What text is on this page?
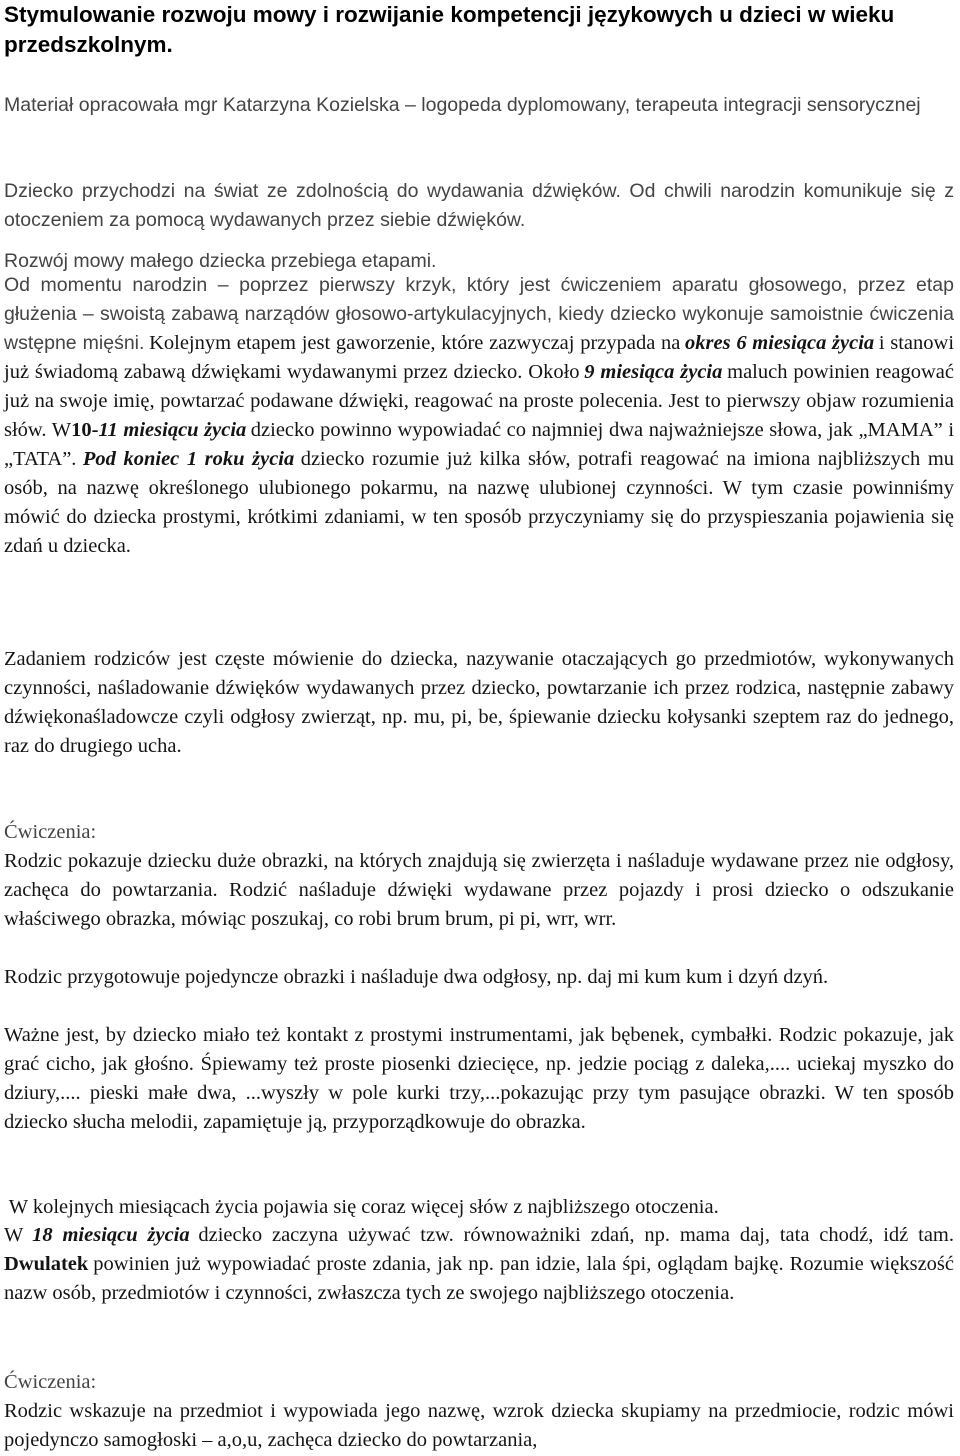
Stymulowanie rozwoju mowy i rozwijanie kompetencji językowych u dzieci w wieku przedszkolnym.

Materiał opracowała mgr Katarzyna Kozielska – logopeda dyplomowany, terapeuta integracji sensorycznej

Dziecko przychodzi na świat ze zdolnością do wydawania dźwięków. Od chwili narodzin komunikuje się z otoczeniem za pomocą wydawanych przez siebie dźwięków.

Rozwój mowy małego dziecka przebiega etapami.

Od momentu narodzin – poprzez pierwszy krzyk, który jest ćwiczeniem aparatu głosowego, przez etap głużenia – swoistą zabawą narządów głosowo-artykulacyjnych, kiedy dziecko wykonuje samoistnie ćwiczenia wstępne mięśni. Kolejnym etapem jest gaworzenie, które zazwyczaj przypada na okres 6 miesiąca życia i stanowi już świadomą zabawą dźwiękami wydawanymi przez dziecko. Około 9 miesiąca życia maluch powinien reagować już na swoje imię, powtarzać podawane dźwięki, reagować na proste polecenia. Jest to pierwszy objaw rozumienia słów. W10-11 miesiącu życia dziecko powinno wypowiadać co najmniej dwa najważniejsze słowa, jak „MAMA” i „TATA”. Pod koniec 1 roku życia dziecko rozumie już kilka słów, potrafi reagować na imiona najbliższych mu osób, na nazwę określonego ulubionego pokarmu, na nazwę ulubionej czynności. W tym czasie powinniśmy mówić do dziecka prostymi, krótkimi zdaniami, w ten sposób przyczyniamy się do przyspieszania pojawienia się zdań u dziecka.

Zadaniem rodziców jest częste mówienie do dziecka, nazywanie otaczających go przedmiotów, wykonywanych czynności, naśladowanie dźwięków wydawanych przez dziecko, powtarzanie ich przez rodzica, następnie zabawy dźwiękonaśladowcze czyli odgłosy zwierząt, np. mu, pi, be, śpiewanie dziecku kołysanki szeptem raz do jednego, raz do drugiego ucha.

Ćwiczenia:

Rodzic pokazuje dziecku duże obrazki, na których znajdują się zwierzęta i naśladuje wydawane przez nie odgłosy, zachęca do powtarzania. Rodzić naśladuje dźwięki wydawane przez pojazdy i prosi dziecko o odszukanie właściwego obrazka, mówiąc poszukaj, co robi brum brum, pi pi, wrr, wrr.

Rodzic przygotowuje pojedyncze obrazki i naśladuje dwa odgłosy, np. daj mi kum kum i dzyń dzyń.

Ważne jest, by dziecko miało też kontakt z prostymi instrumentami, jak bębenek, cymbałki. Rodzic pokazuje, jak grać cicho, jak głośno. Śpiewamy też proste piosenki dziecięce, np. jedzie pociąg z daleka,.... uciekaj myszko do dziury,.... pieski małe dwa, ...wyszły w pole kurki trzy,...pokazując przy tym pasujące obrazki. W ten sposób dziecko słucha melodii, zapamiętuje ją, przyporządkowuje do obrazka.

W kolejnych miesiącach życia pojawia się coraz więcej słów z najbliższego otoczenia.

W 18 miesiącu życia dziecko zaczyna używać tzw. równoważniki zdań, np. mama daj, tata chodź, idź tam. Dwulatek powinien już wypowiadać proste zdania, jak np. pan idzie, lala śpi, oglądam bajkę. Rozumie większość nazw osób, przedmiotów i czynności, zwłaszcza tych ze swojego najbliższego otoczenia.

Ćwiczenia:

Rodzic wskazuje na przedmiot i wypowiada jego nazwę, wzrok dziecka skupiamy na przedmiocie, rodzic mówi pojedynczo samogłoski – a,o,u, zachęca dziecko do powtarzania,
